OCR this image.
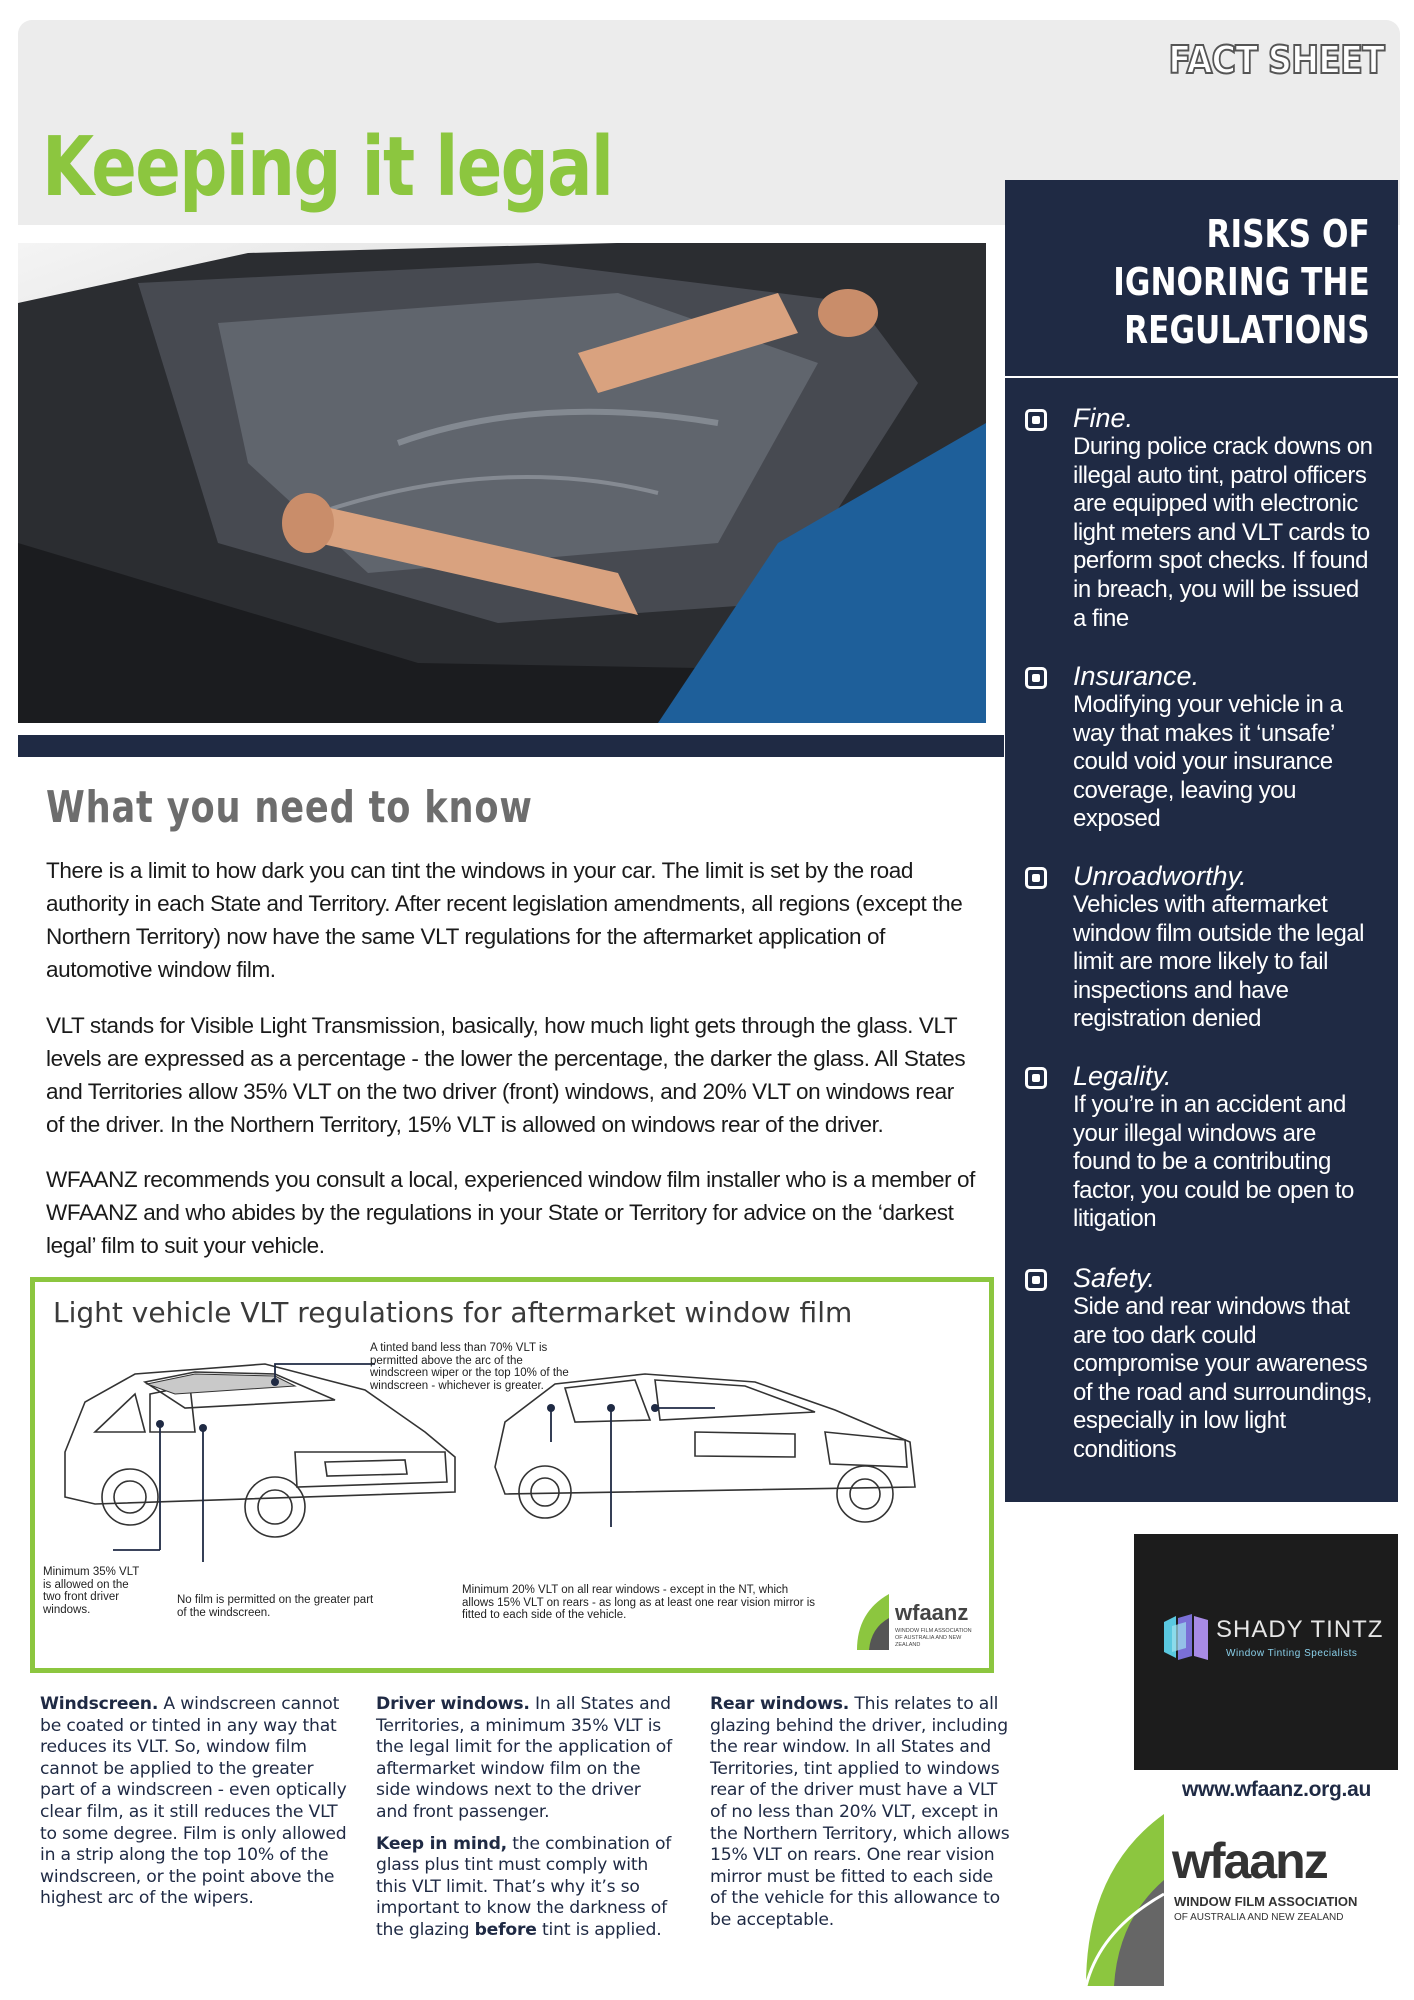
FACT SHEET
Keeping it legal
RISKS OF
IGNORING THE
REGULATIONS
Fine.
During police crack downs on illegal auto tint, patrol officers are equipped with electronic light meters and VLT cards to perform spot checks. If found in breach, you will be issued a fine
Insurance.
Modifying your vehicle in a way that makes it ‘unsafe’ could void your insurance coverage, leaving you exposed
Unroadworthy.
Vehicles with aftermarket window film outside the legal limit are more likely to fail inspections and have registration denied
Legality.
If you’re in an accident and your illegal windows are found to be a contributing factor, you could be open to litigation
Safety.
Side and rear windows that are too dark could compromise your awareness of the road and surroundings, especially in low light conditions
What you need to know

There is a limit to how dark you can tint the windows in your car. The limit is set by the road authority in each State and Territory. After recent legislation amendments, all regions (except the Northern Territory) now have the same VLT regulations for the aftermarket application of automotive window film.

VLT stands for Visible Light Transmission, basically, how much light gets through the glass. VLT levels are expressed as a percentage - the lower the percentage, the darker the glass. All States and Territories allow 35% VLT on the two driver (front) windows, and 20% VLT on windows rear of the driver. In the Northern Territory, 15% VLT is allowed on windows rear of the driver.

WFAANZ recommends you consult a local, experienced window film installer who is a member of WFAANZ and who abides by the regulations in your State or Territory for advice on the ‘darkest legal’ film to suit your vehicle.

Light vehicle VLT regulations for aftermarket window film
A tinted band less than 70% VLT is permitted above the arc of the windscreen wiper or the top 10% of the windscreen - whichever is greater.
Minimum 35% VLT is allowed on the two front driver windows.
No film is permitted on the greater part of the windscreen.
Minimum 20% VLT on all rear windows - except in the NT, which allows 15% VLT on rears - as long as at least one rear vision mirror is fitted to each side of the vehicle.	wfaanz
WINDOW FILM ASSOCIATION OF AUSTRALIA AND NEW ZEALAND
Windscreen. A windscreen cannot be coated or tinted in any way that reduces its VLT. So, window film cannot be applied to the greater part of a windscreen - even optically clear film, as it still reduces the VLT to some degree. Film is only allowed in a strip along the top 10% of the windscreen, or the point above the highest arc of the wipers.
Driver windows. In all States and Territories, a minimum 35% VLT is the legal limit for the application of aftermarket window film on the side windows next to the driver and front passenger.
Keep in mind, the combination of glass plus tint must comply with this VLT limit. That’s why it’s so important to know the darkness of the glazing before tint is applied.
Rear windows. This relates to all glazing behind the driver, including the rear window. In all States and Territories, tint applied to windows rear of the driver must have a VLT of no less than 20% VLT, except in the Northern Territory, which allows 15% VLT on rears. One rear vision mirror must be fitted to each side of the vehicle for this allowance to be acceptable.
SHADY TINTZ
Window Tinting Specialists
www.wfaanz.org.au
wfaanz
WINDOW FILM ASSOCIATION
OF AUSTRALIA AND NEW ZEALAND
